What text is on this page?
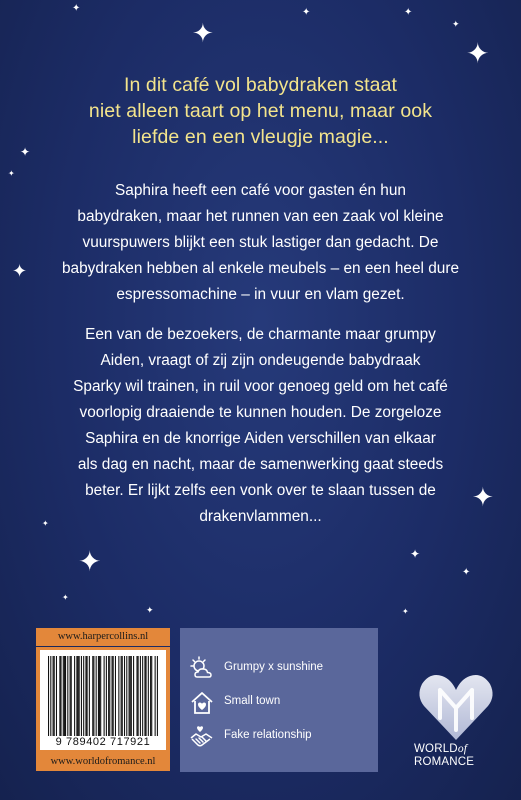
✦
✦
✦	✦
✦
✦
✦
✦
✦
✦
✦
✦	✦
✦
✦
✦
✦
In dit café vol babydraken staat
niet alleen taart op het menu, maar ook
liefde en een vleugje magie...
Saphira heeft een café voor gasten én hun
babydraken, maar het runnen van een zaak vol kleine
vuurspuwers blijkt een stuk lastiger dan gedacht. De
babydraken hebben al enkele meubels – en een heel dure
espressomachine – in vuur en vlam gezet.
Een van de bezoekers, de charmante maar grumpy
Aiden, vraagt of zij zijn ondeugende babydraak
Sparky wil trainen, in ruil voor genoeg geld om het café
voorlopig draaiende te kunnen houden. De zorgeloze
Saphira en de knorrige Aiden verschillen van elkaar
als dag en nacht, maar de samenwerking gaat steeds
beter. Er lijkt zelfs een vonk over te slaan tussen de
drakenvlammen...
www.harpercollins.nl
9 789402 717921
www.worldofromance.nl
Grumpy x sunshine
Small town
Fake relationship
WORLDof
ROMANCE
